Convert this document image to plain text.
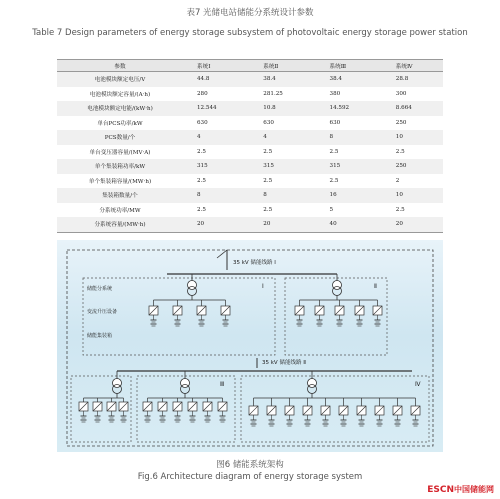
表7 光储电站储能分系统设计参数
Table 7 Design parameters of energy storage subsystem of photovoltaic energy storage power station
参数	系统Ⅰ	系统Ⅱ	系统Ⅲ	系统Ⅳ
电池模块额定电压/V	44.8	38.4	38.4	28.8
电池模块额定容量/(A·h)	280	281.25	380	300
电池模块额定电能/(kW·h)	12.544	10.8	14.592	8.664
单台PCS功率/kW	630	630	630	250
PCS数量/个	4	4	8	10
单台变压器容量/(MV·A)	2.5	2.5	2.5	2.5
单个集装箱功率/kW	315	315	315	250
单个集装箱容量/(MW·h)	2.5	2.5	2.5	2
集装箱数量/个	8	8	16	10
分系统功率/MW	2.5	2.5	5	2.5
分系统容量/(MW·h)	20	20	40	20
35 kV 储能线路 Ⅰ
Ⅰ
储能分系统
变流升压设备
储能集装箱
Ⅱ
35 kV 储能线路 Ⅱ
Ⅲ	Ⅳ
图6 储能系统架构
Fig.6 Architecture diagram of energy storage system
ESCN中国储能网
